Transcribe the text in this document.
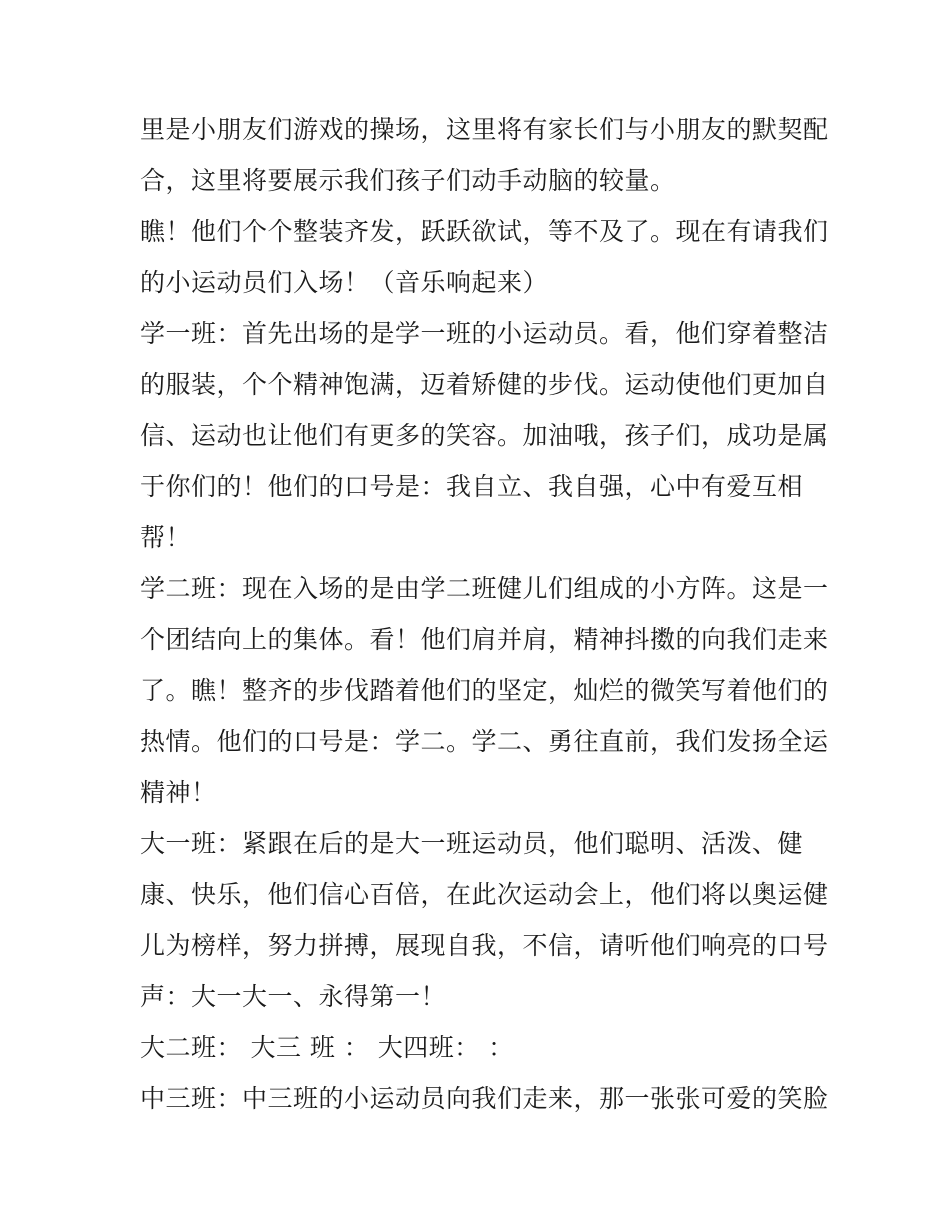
里是小朋友们游戏的操场，这里将有家长们与小朋友的默契配
合，这里将要展示我们孩子们动手动脑的较量。
瞧！他们个个整装齐发，跃跃欲试，等不及了。现在有请我们
的小运动员们入场！（音乐响起来）
学一班：首先出场的是学一班的小运动员。看，他们穿着整洁
的服装，个个精神饱满，迈着矫健的步伐。运动使他们更加自
信、运动也让他们有更多的笑容。加油哦，孩子们，成功是属
于你们的！他们的口号是：我自立、我自强，心中有爱互相
帮！
学二班：现在入场的是由学二班健儿们组成的小方阵。这是一
个团结向上的集体。看！他们肩并肩，精神抖擞的向我们走来
了。瞧！整齐的步伐踏着他们的坚定，灿烂的微笑写着他们的
热情。他们的口号是：学二。学二、勇往直前，我们发扬全运
精神！
大一班：紧跟在后的是大一班运动员，他们聪明、活泼、健
康、快乐，他们信心百倍，在此次运动会上，他们将以奥运健
儿为榜样，努力拼搏，展现自我，不信，请听他们响亮的口号
声：大一大一、永得第一！
大二班： 大三 班 ： 大四班： ：
中三班：中三班的小运动员向我们走来，那一张张可爱的笑脸
